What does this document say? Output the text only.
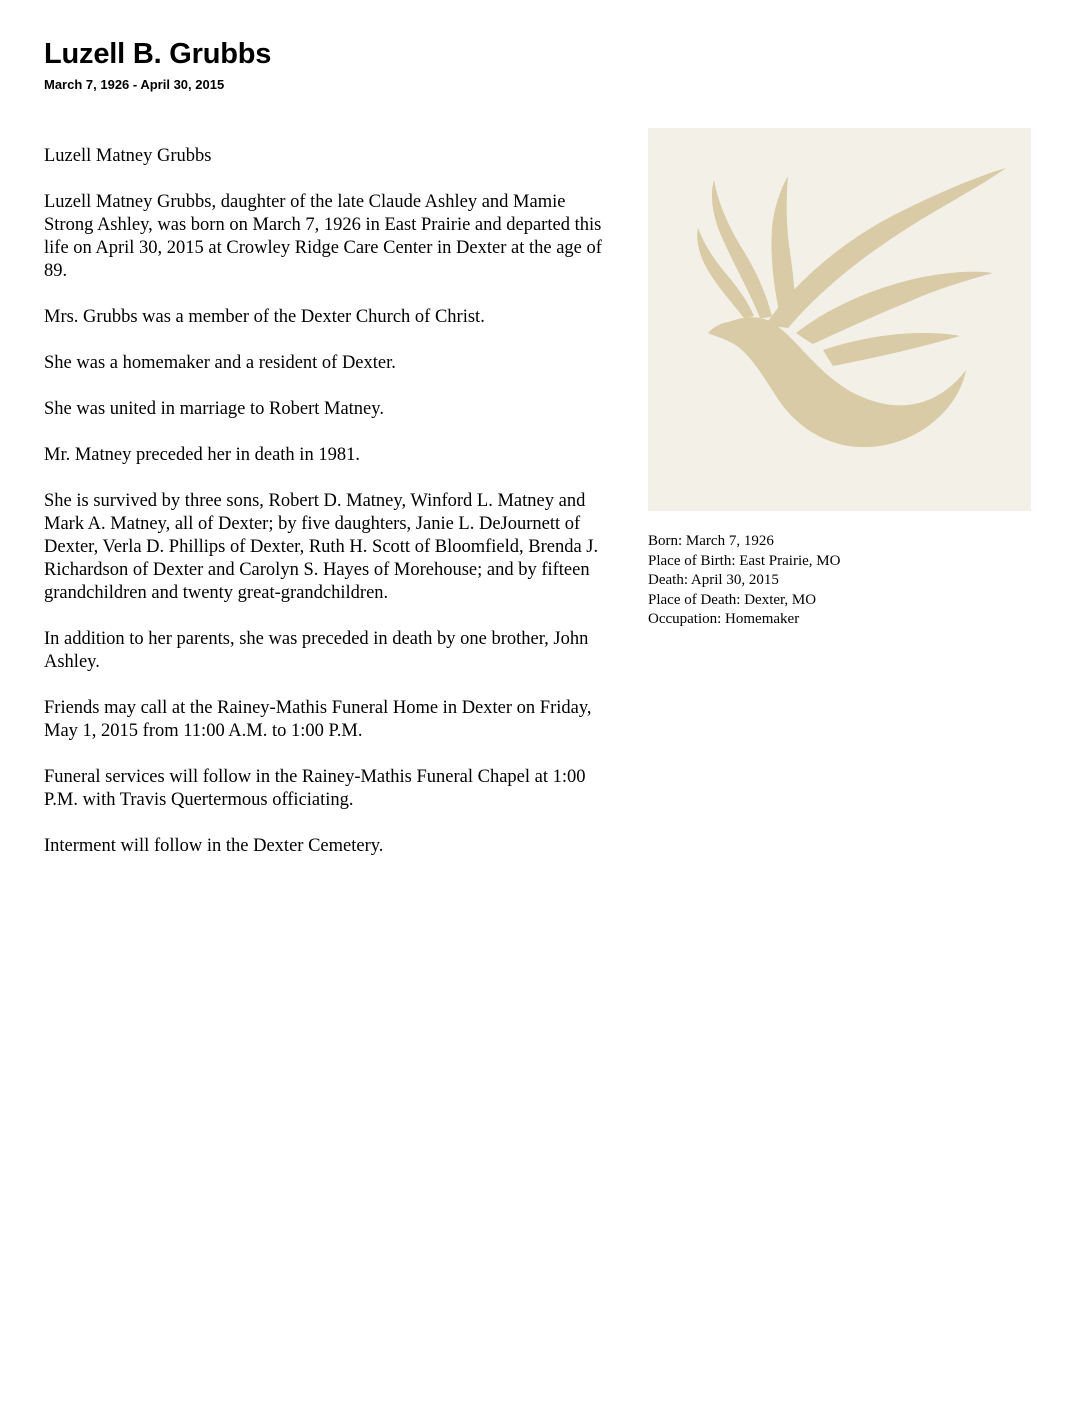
Luzell B. Grubbs
March 7, 1926 - April 30, 2015

Luzell Matney Grubbs

Luzell Matney Grubbs, daughter of the late Claude Ashley and Mamie Strong Ashley, was born on March 7, 1926 in East Prairie and departed this life on April 30, 2015 at Crowley Ridge Care Center in Dexter at the age of 89.

Mrs. Grubbs was a member of the Dexter Church of Christ.

She was a homemaker and a resident of Dexter.

She was united in marriage to Robert Matney.

Mr. Matney preceded her in death in 1981.

She is survived by three sons, Robert D. Matney, Winford L. Matney and Mark A. Matney, all of Dexter; by five daughters, Janie L. DeJournett of Dexter, Verla D. Phillips of Dexter, Ruth H. Scott of Bloomfield, Brenda J. Richardson of Dexter and Carolyn S. Hayes of Morehouse; and by fifteen grandchildren and twenty great-grandchildren.

In addition to her parents, she was preceded in death by one brother, John Ashley.

Friends may call at the Rainey-Mathis Funeral Home in Dexter on Friday, May 1, 2015 from 11:00 A.M. to 1:00 P.M.

Funeral services will follow in the Rainey-Mathis Funeral Chapel at 1:00 P.M. with Travis Quertermous officiating.

Interment will follow in the Dexter Cemetery.

Born: March 7, 1926
Place of Birth: East Prairie, MO
Death: April 30, 2015
Place of Death: Dexter, MO
Occupation: Homemaker
